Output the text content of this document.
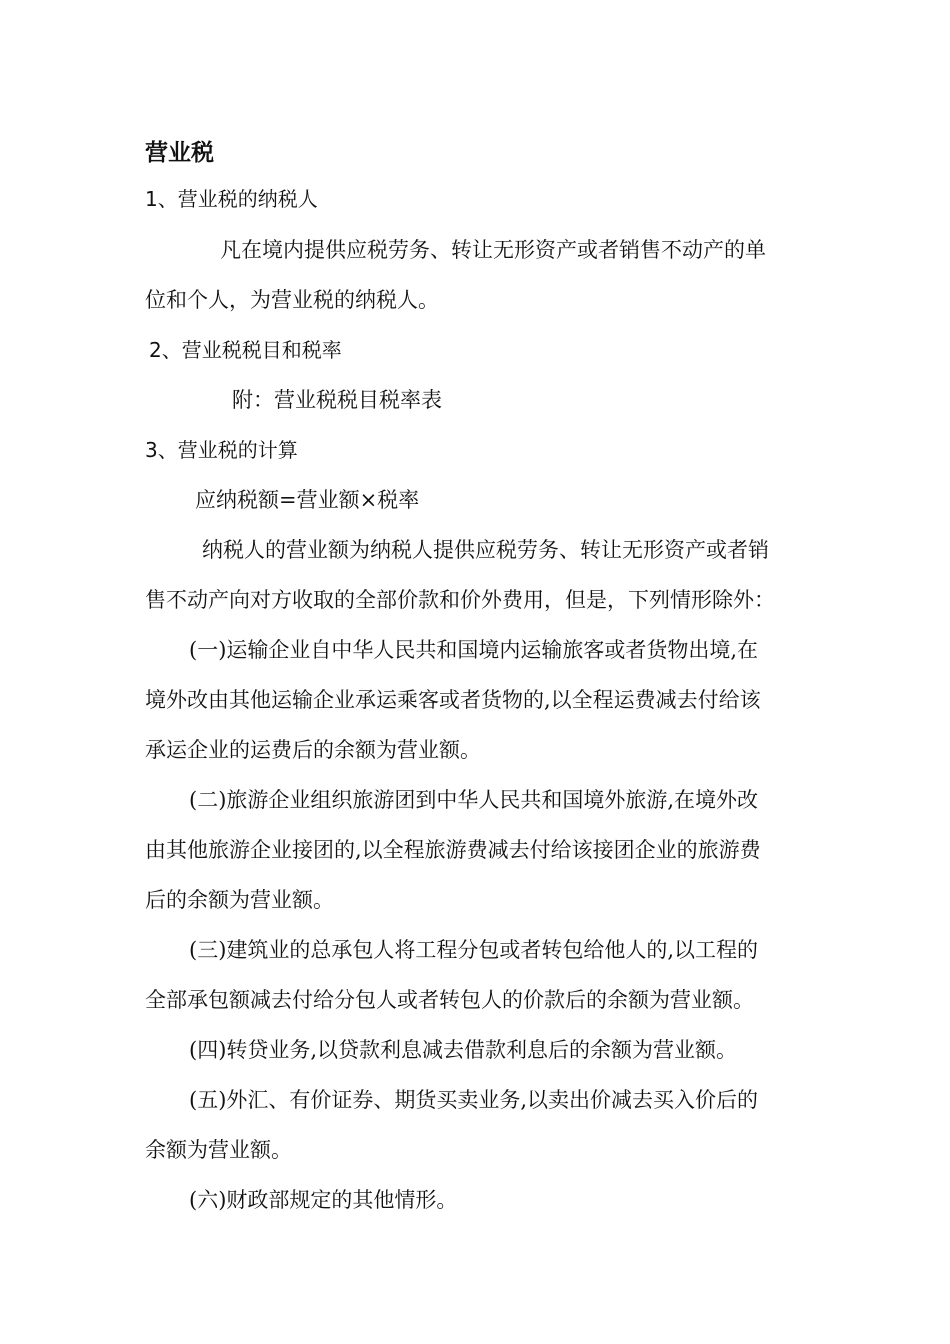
营业税
1、营业税的纳税人
凡在境内提供应税劳务、转让无形资产或者销售不动产的单
位和个人，为营业税的纳税人。
2、营业税税目和税率
附：营业税税目税率表
3、营业税的计算
应纳税额=营业额×税率
纳税人的营业额为纳税人提供应税劳务、转让无形资产或者销
售不动产向对方收取的全部价款和价外费用，但是，下列情形除外：
(一)运输企业自中华人民共和国境内运输旅客或者货物出境,在
境外改由其他运输企业承运乘客或者货物的,以全程运费减去付给该
承运企业的运费后的余额为营业额。
(二)旅游企业组织旅游团到中华人民共和国境外旅游,在境外改
由其他旅游企业接团的,以全程旅游费减去付给该接团企业的旅游费
后的余额为营业额。
(三)建筑业的总承包人将工程分包或者转包给他人的,以工程的
全部承包额减去付给分包人或者转包人的价款后的余额为营业额。
(四)转贷业务,以贷款利息减去借款利息后的余额为营业额。
(五)外汇、有价证券、期货买卖业务,以卖出价减去买入价后的
余额为营业额。
(六)财政部规定的其他情形。
